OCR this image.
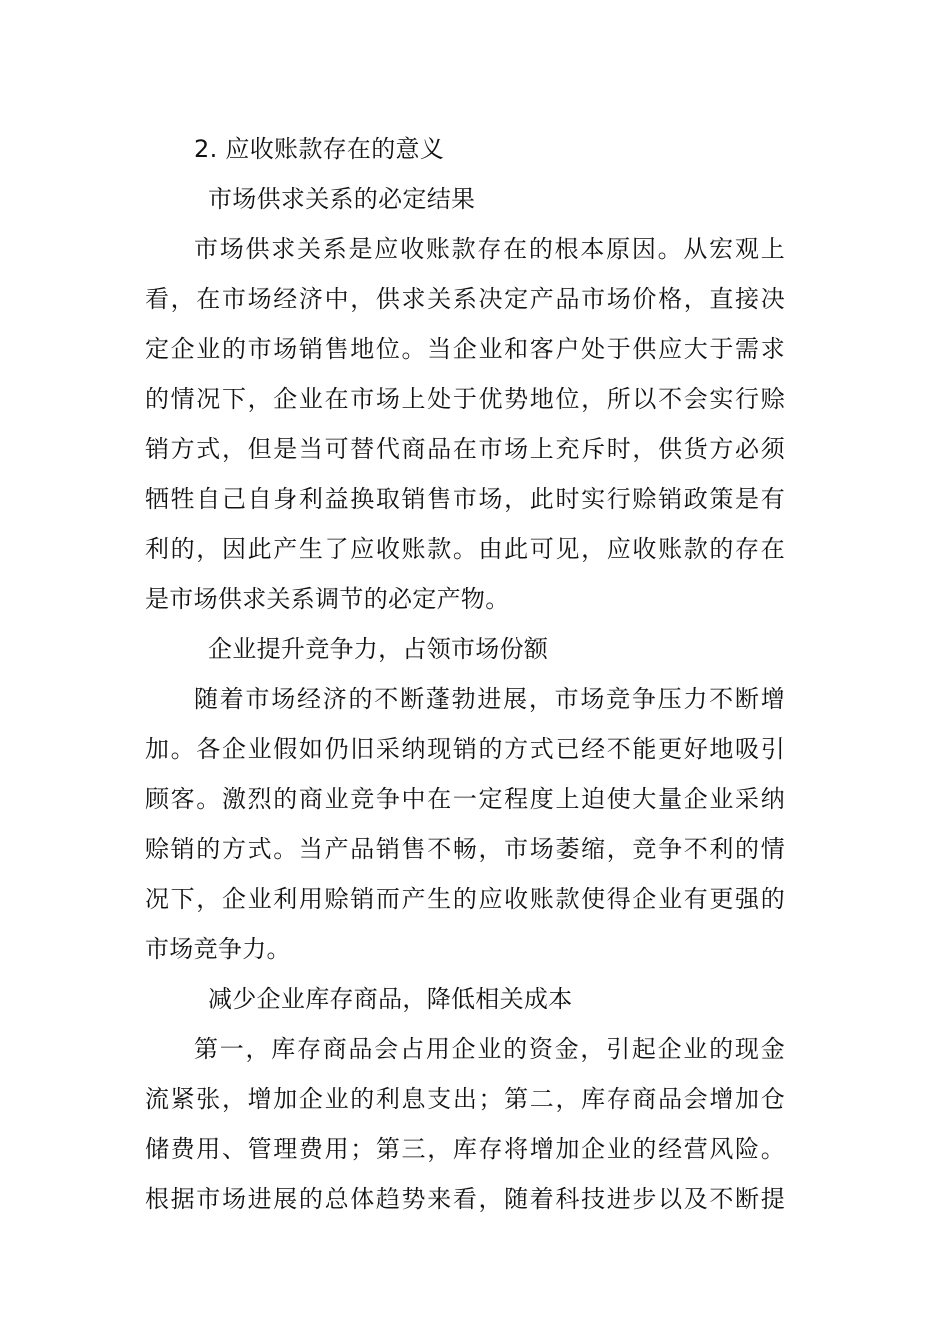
2. 应收账款存在的意义
市场供求关系的必定结果
市场供求关系是应收账款存在的根本原因。从宏观上
看，在市场经济中，供求关系决定产品市场价格，直接决
定企业的市场销售地位。当企业和客户处于供应大于需求
的情况下，企业在市场上处于优势地位，所以不会实行赊
销方式，但是当可替代商品在市场上充斥时，供货方必须
牺牲自己自身利益换取销售市场，此时实行赊销政策是有
利的，因此产生了应收账款。由此可见，应收账款的存在
是市场供求关系调节的必定产物。
企业提升竞争力，占领市场份额
随着市场经济的不断蓬勃进展，市场竞争压力不断增
加。各企业假如仍旧采纳现销的方式已经不能更好地吸引
顾客。激烈的商业竞争中在一定程度上迫使大量企业采纳
赊销的方式。当产品销售不畅，市场萎缩，竞争不利的情
况下，企业利用赊销而产生的应收账款使得企业有更强的
市场竞争力。
减少企业库存商品，降低相关成本
第一，库存商品会占用企业的资金，引起企业的现金
流紧张，增加企业的利息支出；第二，库存商品会增加仓
储费用、管理费用；第三，库存将增加企业的经营风险。
根据市场进展的总体趋势来看，随着科技进步以及不断提
